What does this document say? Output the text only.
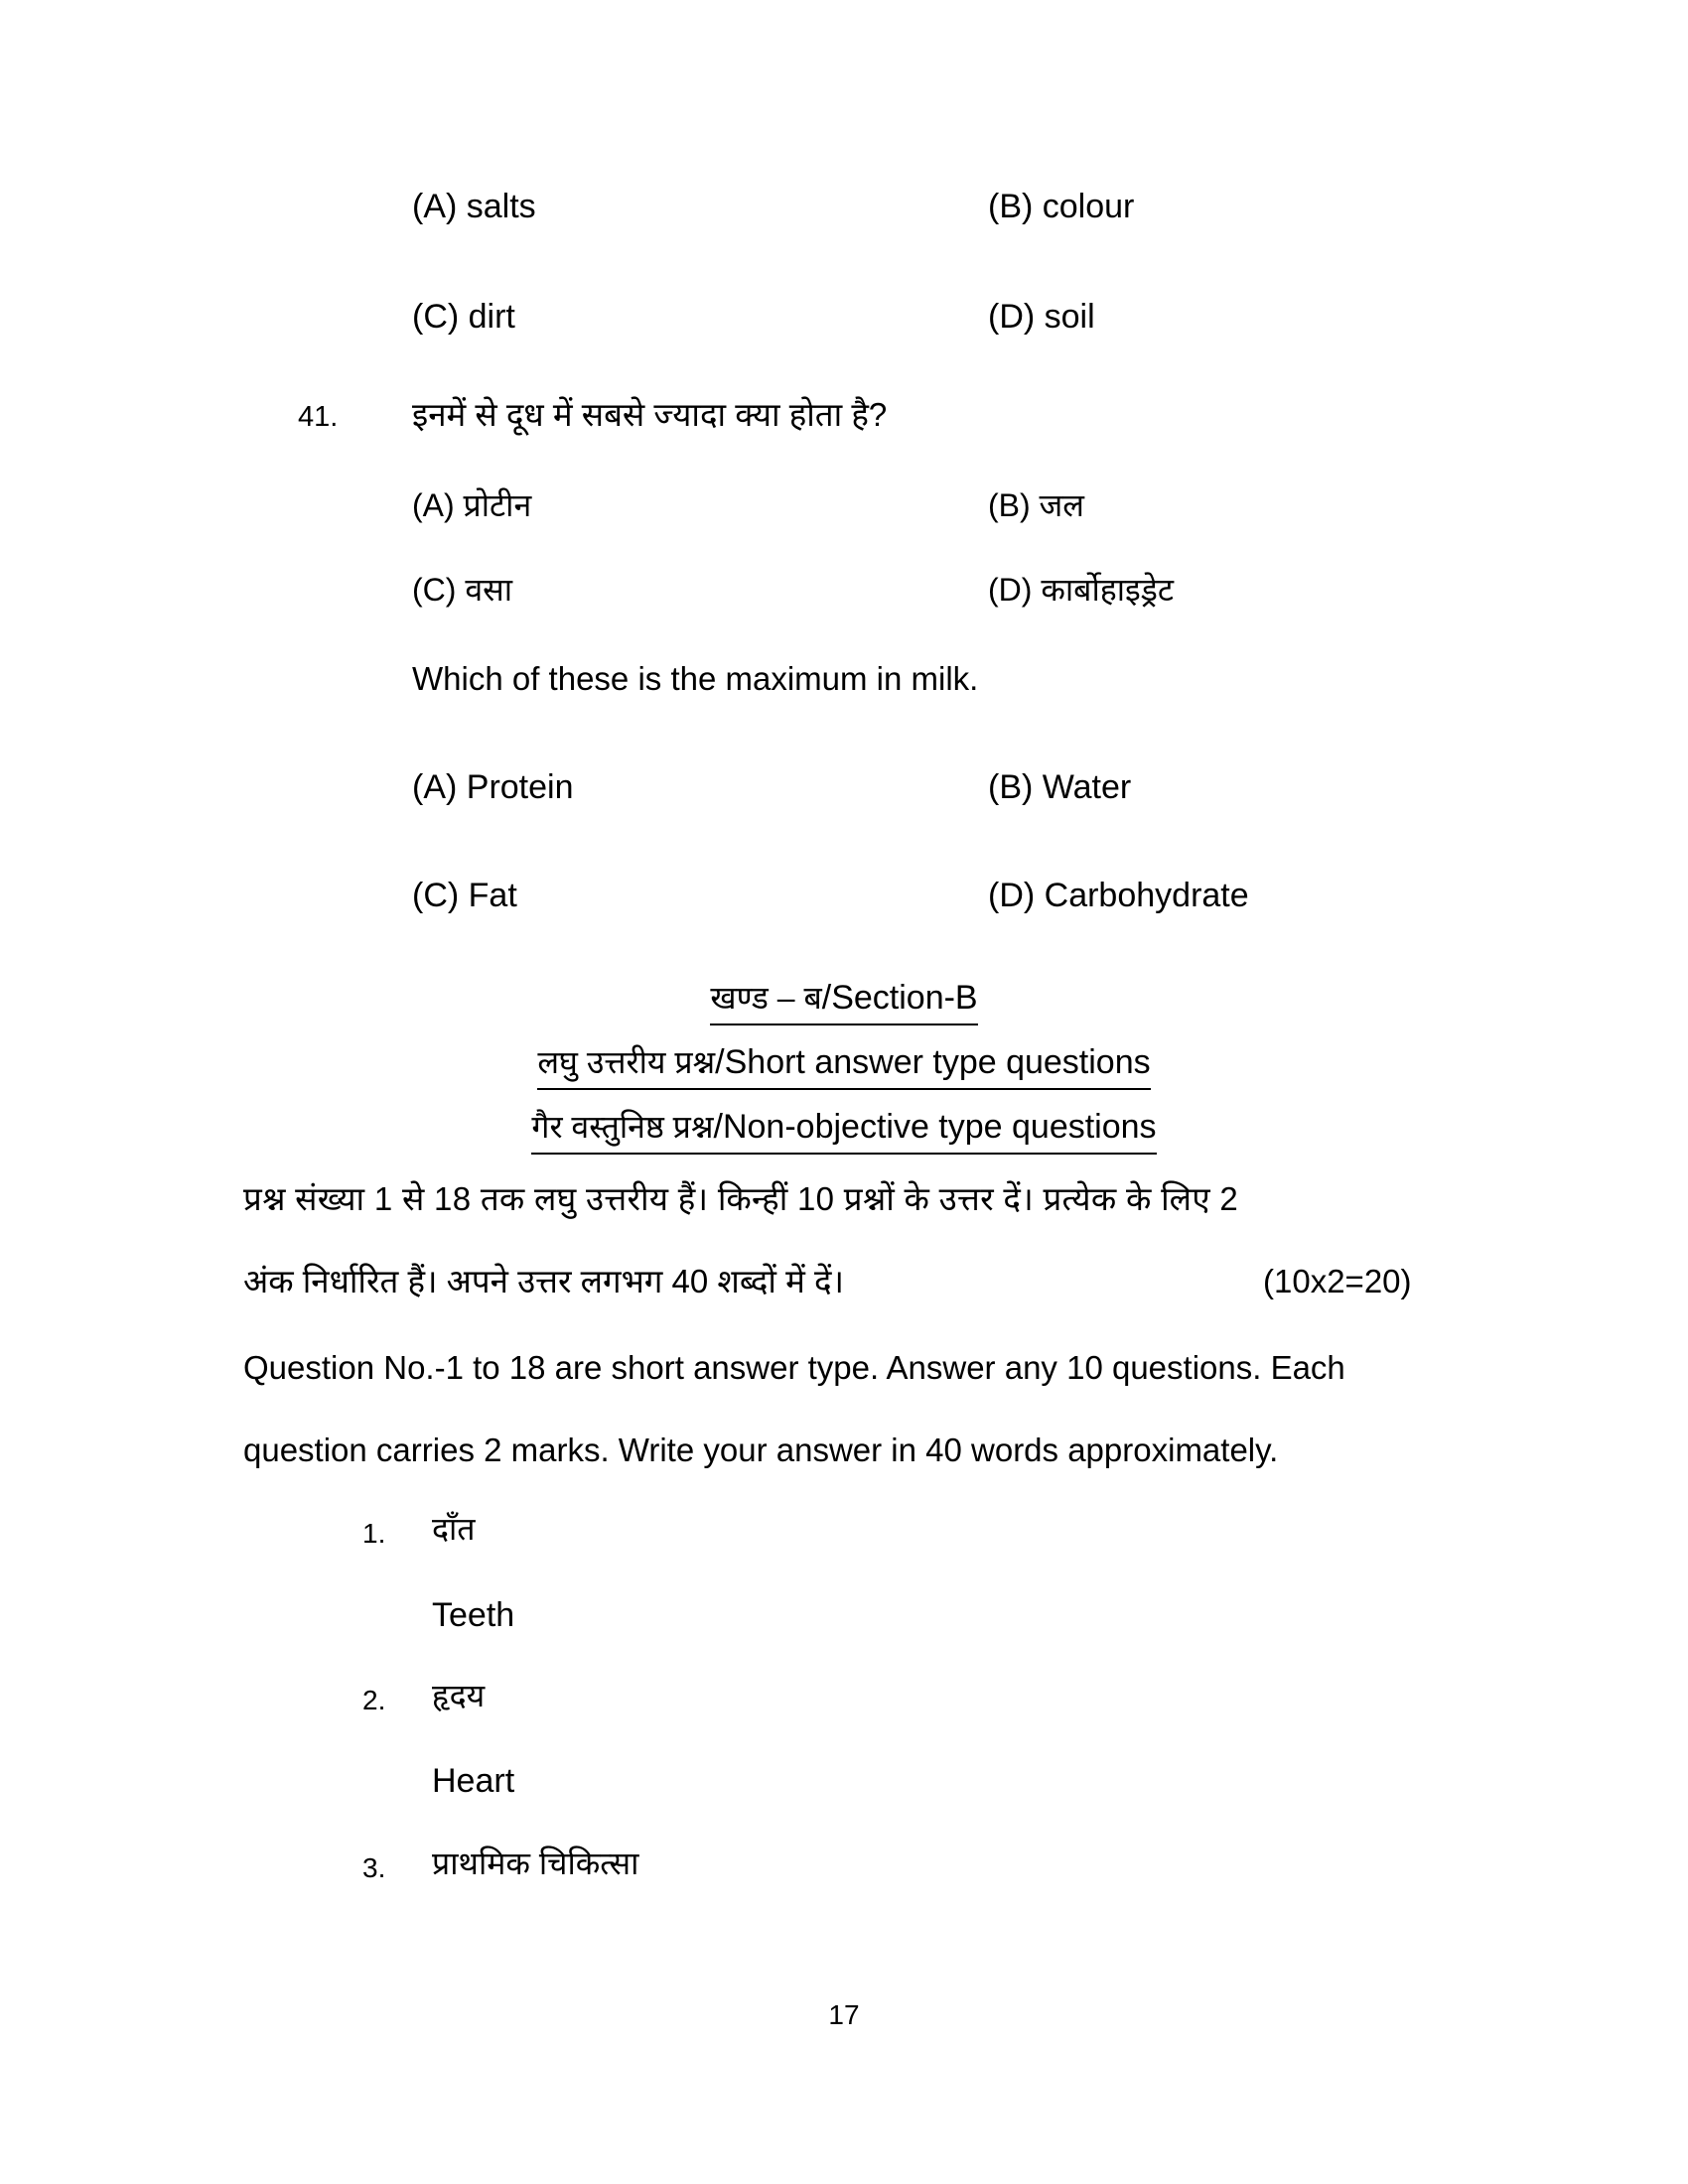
(A) salts	(B) colour
(C) dirt	(D) soil
41. इनमें से दूध में सबसे ज्यादा क्या होता है?
(A) प्रोटीन	(B) जल
(C) वसा	(D) कार्बोहाइड्रेट
Which of these is the maximum in milk.
(A) Protein	(B) Water
(C) Fat	(D) Carbohydrate
खण्ड – ब/Section-B
लघु उत्तरीय प्रश्न/Short answer type questions
गैर वस्तुनिष्ठ प्रश्न/Non-objective type questions
प्रश्न संख्या 1 से 18 तक लघु उत्तरीय हैं। किन्हीं 10 प्रश्नों के उत्तर दें। प्रत्येक के लिए 2
अंक निर्धारित हैं। अपने उत्तर लगभग 40 शब्दों में दें।	(10x2=20)
Question No.-1 to 18 are short answer type. Answer any 10 questions. Each
question carries 2 marks. Write your answer in 40 words approximately.
1. दाँत
Teeth
2. हृदय
Heart
3. प्राथमिक चिकित्सा
17
